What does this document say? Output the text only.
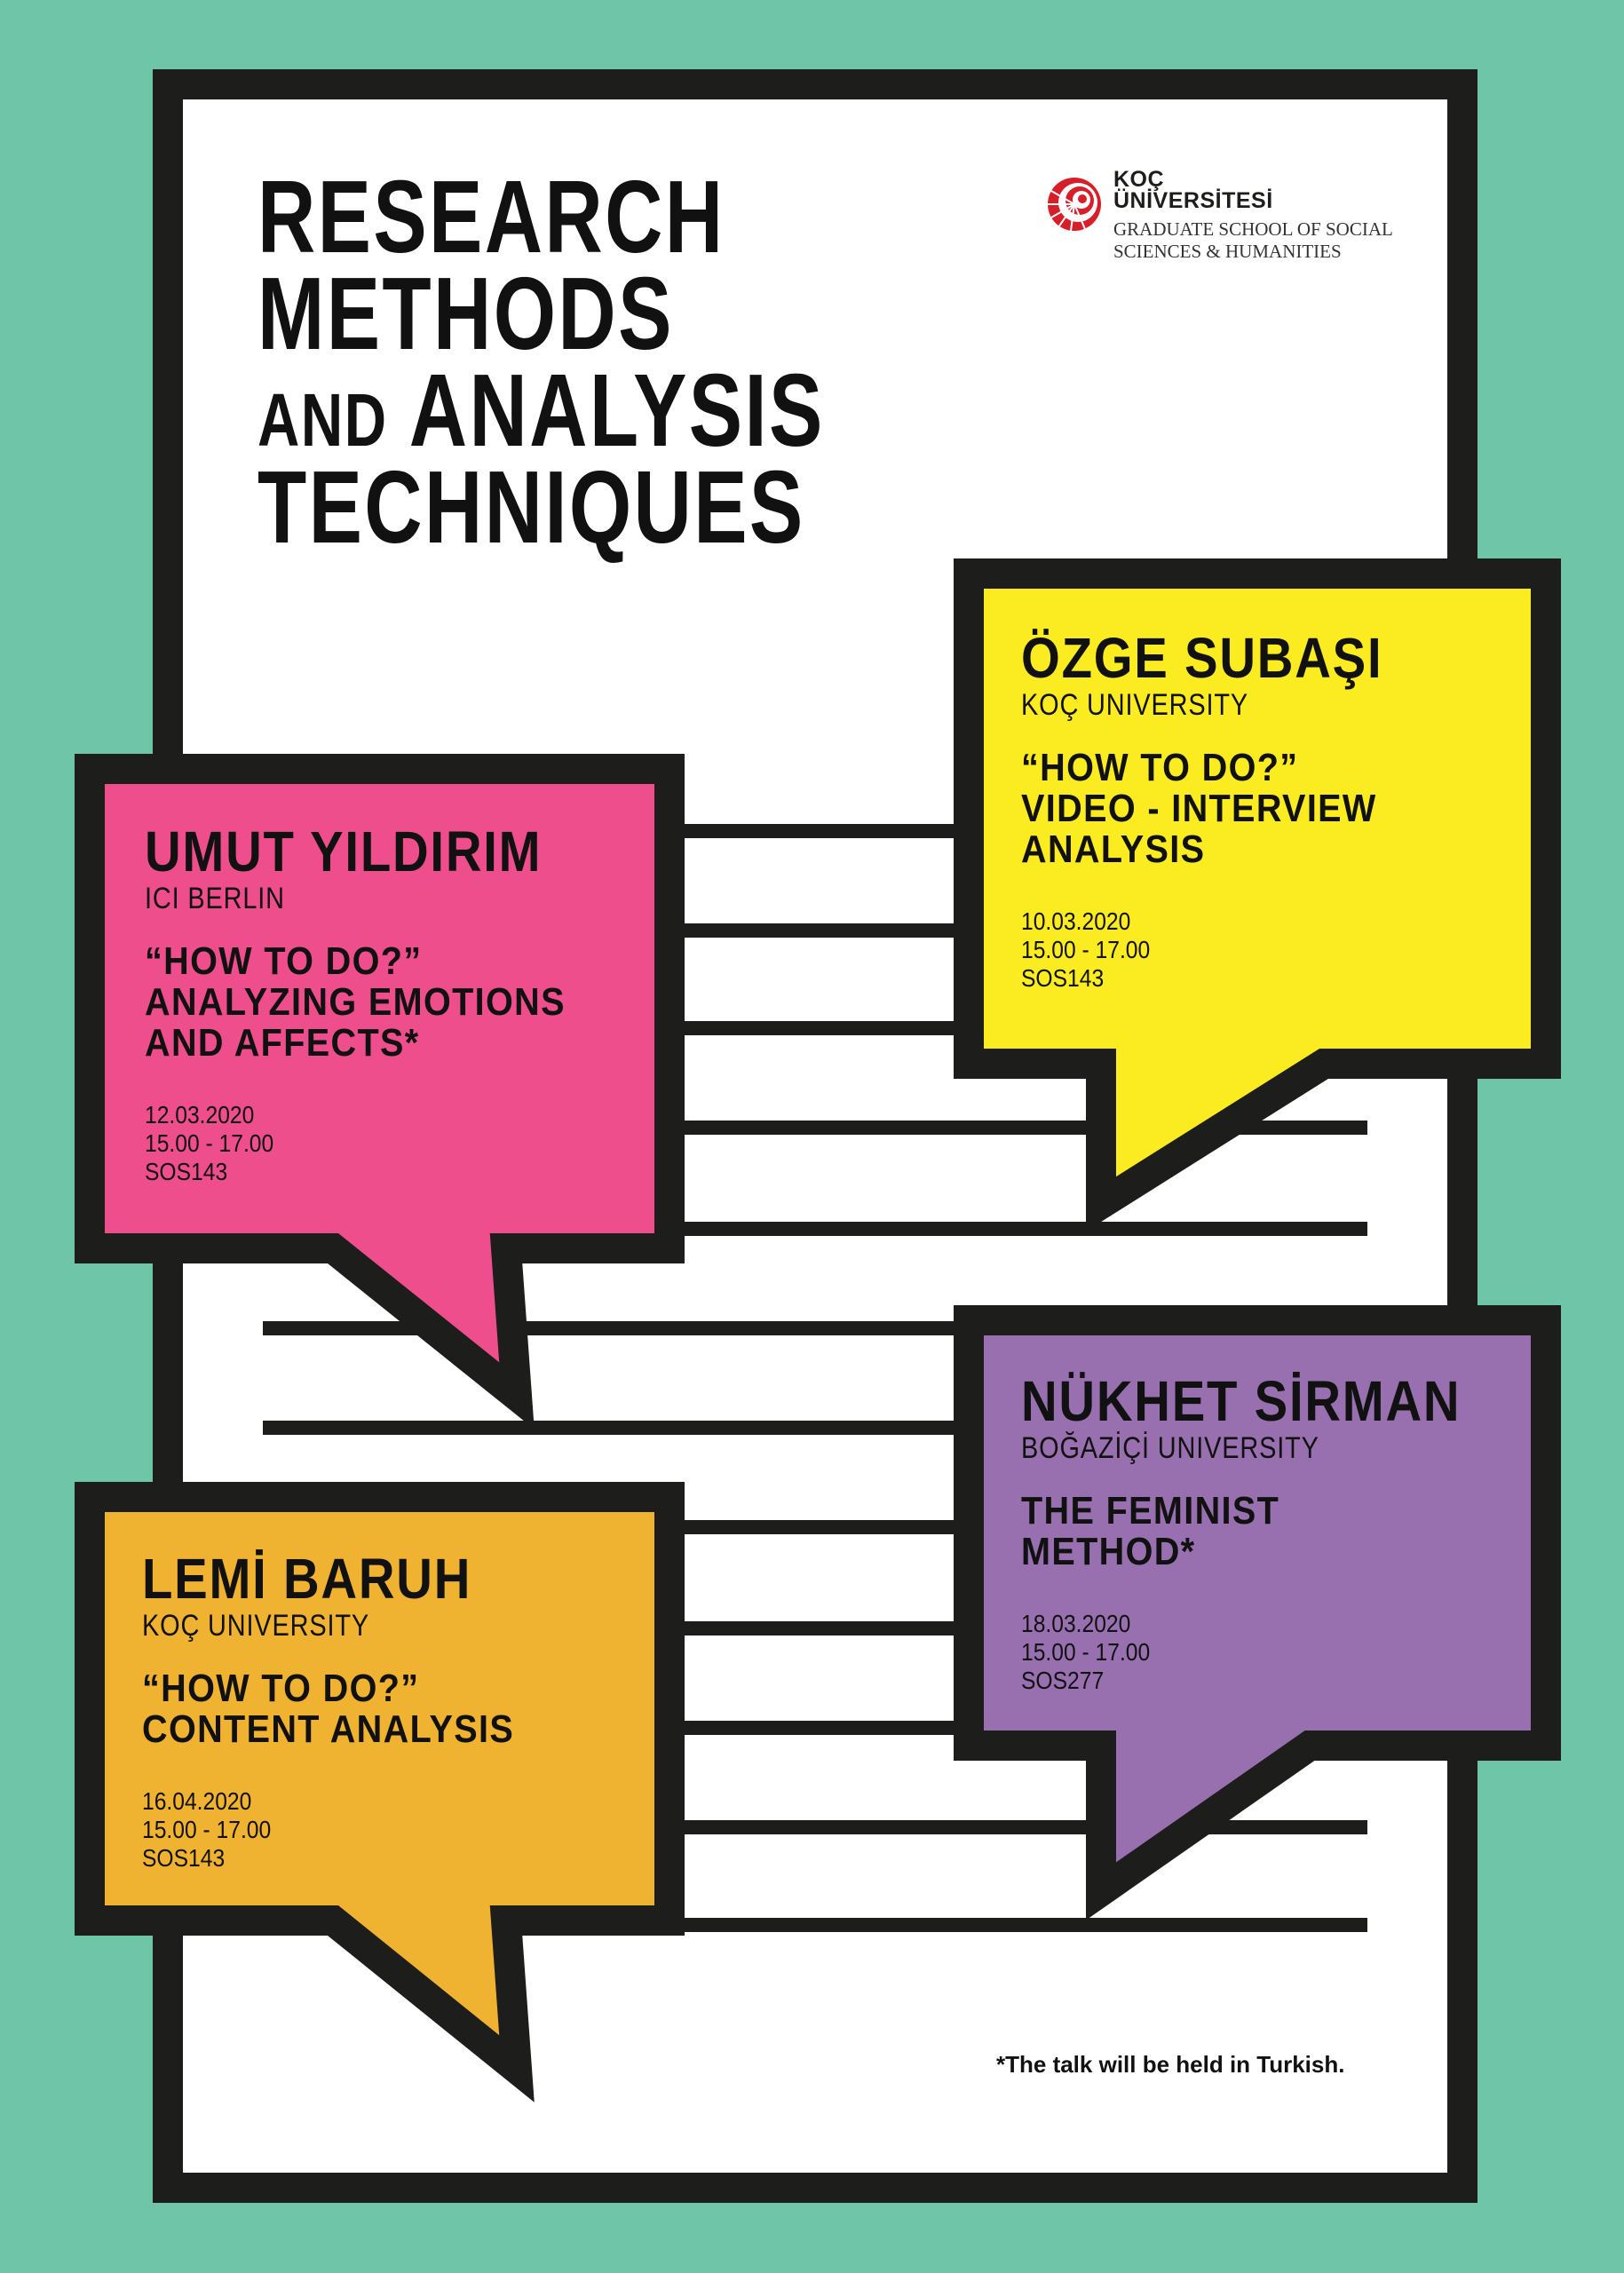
RESEARCH
METHODS
AND ANALYSIS
TECHNIQUES
KOÇ
ÜNİVERSİTESİ
GRADUATE SCHOOL OF SOCIAL
SCIENCES & HUMANITIES
ÖZGE SUBAŞI
KOÇ UNIVERSITY
“HOW TO DO?”
VIDEO - INTERVIEW
ANALYSIS
10.03.2020
15.00 - 17.00
SOS143
UMUT YILDIRIM
ICI BERLIN
“HOW TO DO?”
ANALYZING EMOTIONS
AND AFFECTS*
12.03.2020
15.00 - 17.00
SOS143
NÜKHET SİRMAN
BOĞAZİÇİ UNIVERSITY
THE FEMINIST
METHOD*
18.03.2020
15.00 - 17.00
SOS277
LEMİ BARUH
KOÇ UNIVERSITY
“HOW TO DO?”
CONTENT ANALYSIS
16.04.2020
15.00 - 17.00
SOS143
*The talk will be held in Turkish.
